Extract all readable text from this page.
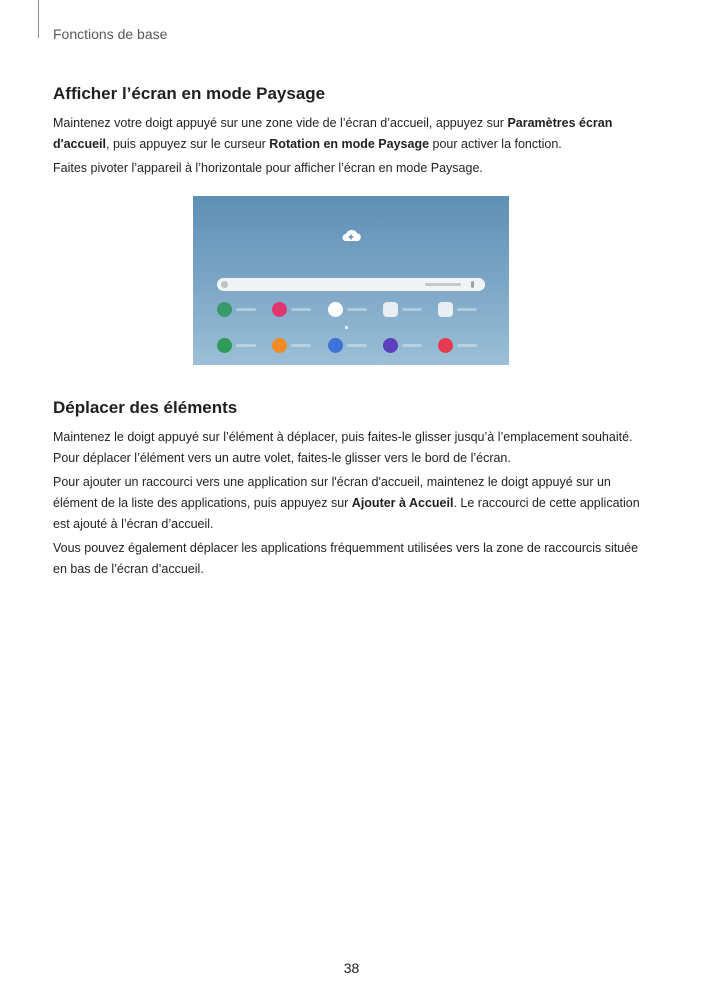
Fonctions de base
Afficher l’écran en mode Paysage

Maintenez votre doigt appuyé sur une zone vide de l’écran d’accueil, appuyez sur Paramètres écran d'accueil, puis appuyez sur le curseur Rotation en mode Paysage pour activer la fonction.

Faites pivoter l’appareil à l’horizontale pour afficher l’écran en mode Paysage.

Déplacer des éléments

Maintenez le doigt appuyé sur l’élément à déplacer, puis faites-le glisser jusqu’à l’emplacement souhaité. Pour déplacer l’élément vers un autre volet, faites-le glisser vers le bord de l’écran.

Pour ajouter un raccourci vers une application sur l'écran d'accueil, maintenez le doigt appuyé sur un élément de la liste des applications, puis appuyez sur Ajouter à Accueil. Le raccourci de cette application est ajouté à l’écran d’accueil.

Vous pouvez également déplacer les applications fréquemment utilisées vers la zone de raccourcis située en bas de l’écran d’accueil.

38
